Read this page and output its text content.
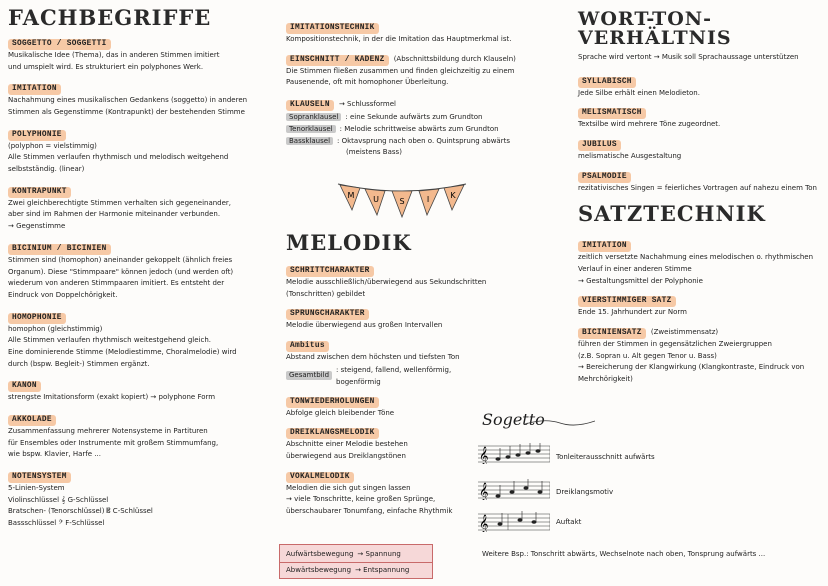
FACHBEGRIFFE
SOGGETTO / SOGGETTI

Musikalische Idee (Thema), das in anderen Stimmen imitiert

und umspielt wird. Es strukturiert ein polyphones Werk.

IMITATION

Nachahmung eines musikalischen Gedankens (soggetto) in anderen

Stimmen als Gegenstimme (Kontrapunkt) der bestehenden Stimme

POLYPHONIE

(polyphon = vielstimmig)

Alle Stimmen verlaufen rhythmisch und melodisch weitgehend

selbstständig. (linear)

KONTRAPUNKT

Zwei gleichberechtigte Stimmen verhalten sich gegeneinander,

aber sind im Rahmen der Harmonie miteinander verbunden.

→ Gegenstimme

BICINIUM / BICINIEN

Stimmen sind (homophon) aneinander gekoppelt (ähnlich freies

Organum). Diese "Stimmpaare" können jedoch (und werden oft)

wiederum von anderen Stimmpaaren imitiert. Es entsteht der

Eindruck von Doppelchörigkeit.

HOMOPHONIE

homophon (gleichstimmig)

Alle Stimmen verlaufen rhythmisch weitestgehend gleich.

Eine dominierende Stimme (Melodiestimme, Choralmelodie) wird

durch (bspw. Begleit-) Stimmen ergänzt.

KANON

strengste Imitationsform (exakt kopiert) → polyphone Form

AKKOLADE

Zusammenfassung mehrerer Notensysteme in Partituren

für Ensembles oder Instrumente mit großem Stimmumfang,

wie bspw. Klavier, Harfe ...

NOTENSYSTEM

5-Linien-System

Violinschlüssel 𝄞 G-Schlüssel

Bratschen- (Tenorschlüssel) 𝄡 C-Schlüssel

Bassschlüssel 𝄢 F-Schlüssel

IMITATIONSTECHNIK

Kompositionstechnik, in der die Imitation das Hauptmerkmal ist.

EINSCHNITT / KADENZ (Abschnittsbildung durch Klauseln)

Die Stimmen fließen zusammen und finden gleichzeitig zu einem

Pausenende, oft mit homophoner Überleitung.

KLAUSELN → Schlussformel
Sopranklausel	: eine Sekunde aufwärts zum Grundton
Tenorklausel	: Melodie schrittweise abwärts zum Grundton
Bassklausel	: Oktavsprung nach oben o. Quintsprung abwärts

(meistens Bass)

M U	S	I	K
MELODIK
SCHRITTCHARAKTER

Melodie ausschließlich/überwiegend aus Sekundschritten

(Tonschritten) gebildet

SPRUNGCHARAKTER

Melodie überwiegend aus großen Intervallen

Ambitus

Abstand zwischen dem höchsten und tiefsten Ton

Gesamtbild
: steigend, fallend, wellenförmig, bogenförmig
TONWIEDERHOLUNGEN

Abfolge gleich bleibender Töne

DREIKLANGSMELODIK

Abschnitte einer Melodie bestehen

überwiegend aus Dreiklangstönen

VOKALMELODIK

Melodien die sich gut singen lassen

→ viele Tonschritte, keine großen Sprünge,

überschaubarer Tonumfang, einfache Rhythmik

Aufwärtsbewegung → Spannung
Abwärtsbewegung → Entspannung
WORT-TON-VERHÄLTNIS

Sprache wird vertont → Musik soll Sprachaussage unterstützen

SYLLABISCH

Jede Silbe erhält einen Melodieton.

MELISMATISCH

Textsilbe wird mehrere Töne zugeordnet.

JUBILUS

melismatische Ausgestaltung

PSALMODIE

rezitativisches Singen = feierliches Vortragen auf nahezu einem Ton

SATZTECHNIK
IMITATION

zeitlich versetzte Nachahmung eines melodischen o. rhythmischen

Verlauf in einer anderen Stimme

→ Gestaltungsmittel der Polyphonie

VIERSTIMMIGER SATZ

Ende 15. Jahrhundert zur Norm

BICINIENSATZ (Zweistimmensatz)

führen der Stimmen in gegensätzlichen Zweiergruppen

(z.B. Sopran u. Alt gegen Tenor u. Bass)

→ Bereicherung der Klangwirkung (Klangkontraste, Eindruck von

Mehrchörigkeit)

Sogetto
𝄞	Tonleiterausschnitt aufwärts
𝄞	Dreiklangsmotiv
𝄞	Auftakt
Weitere Bsp.: Tonschritt abwärts, Wechselnote nach oben, Tonsprung aufwärts ...
